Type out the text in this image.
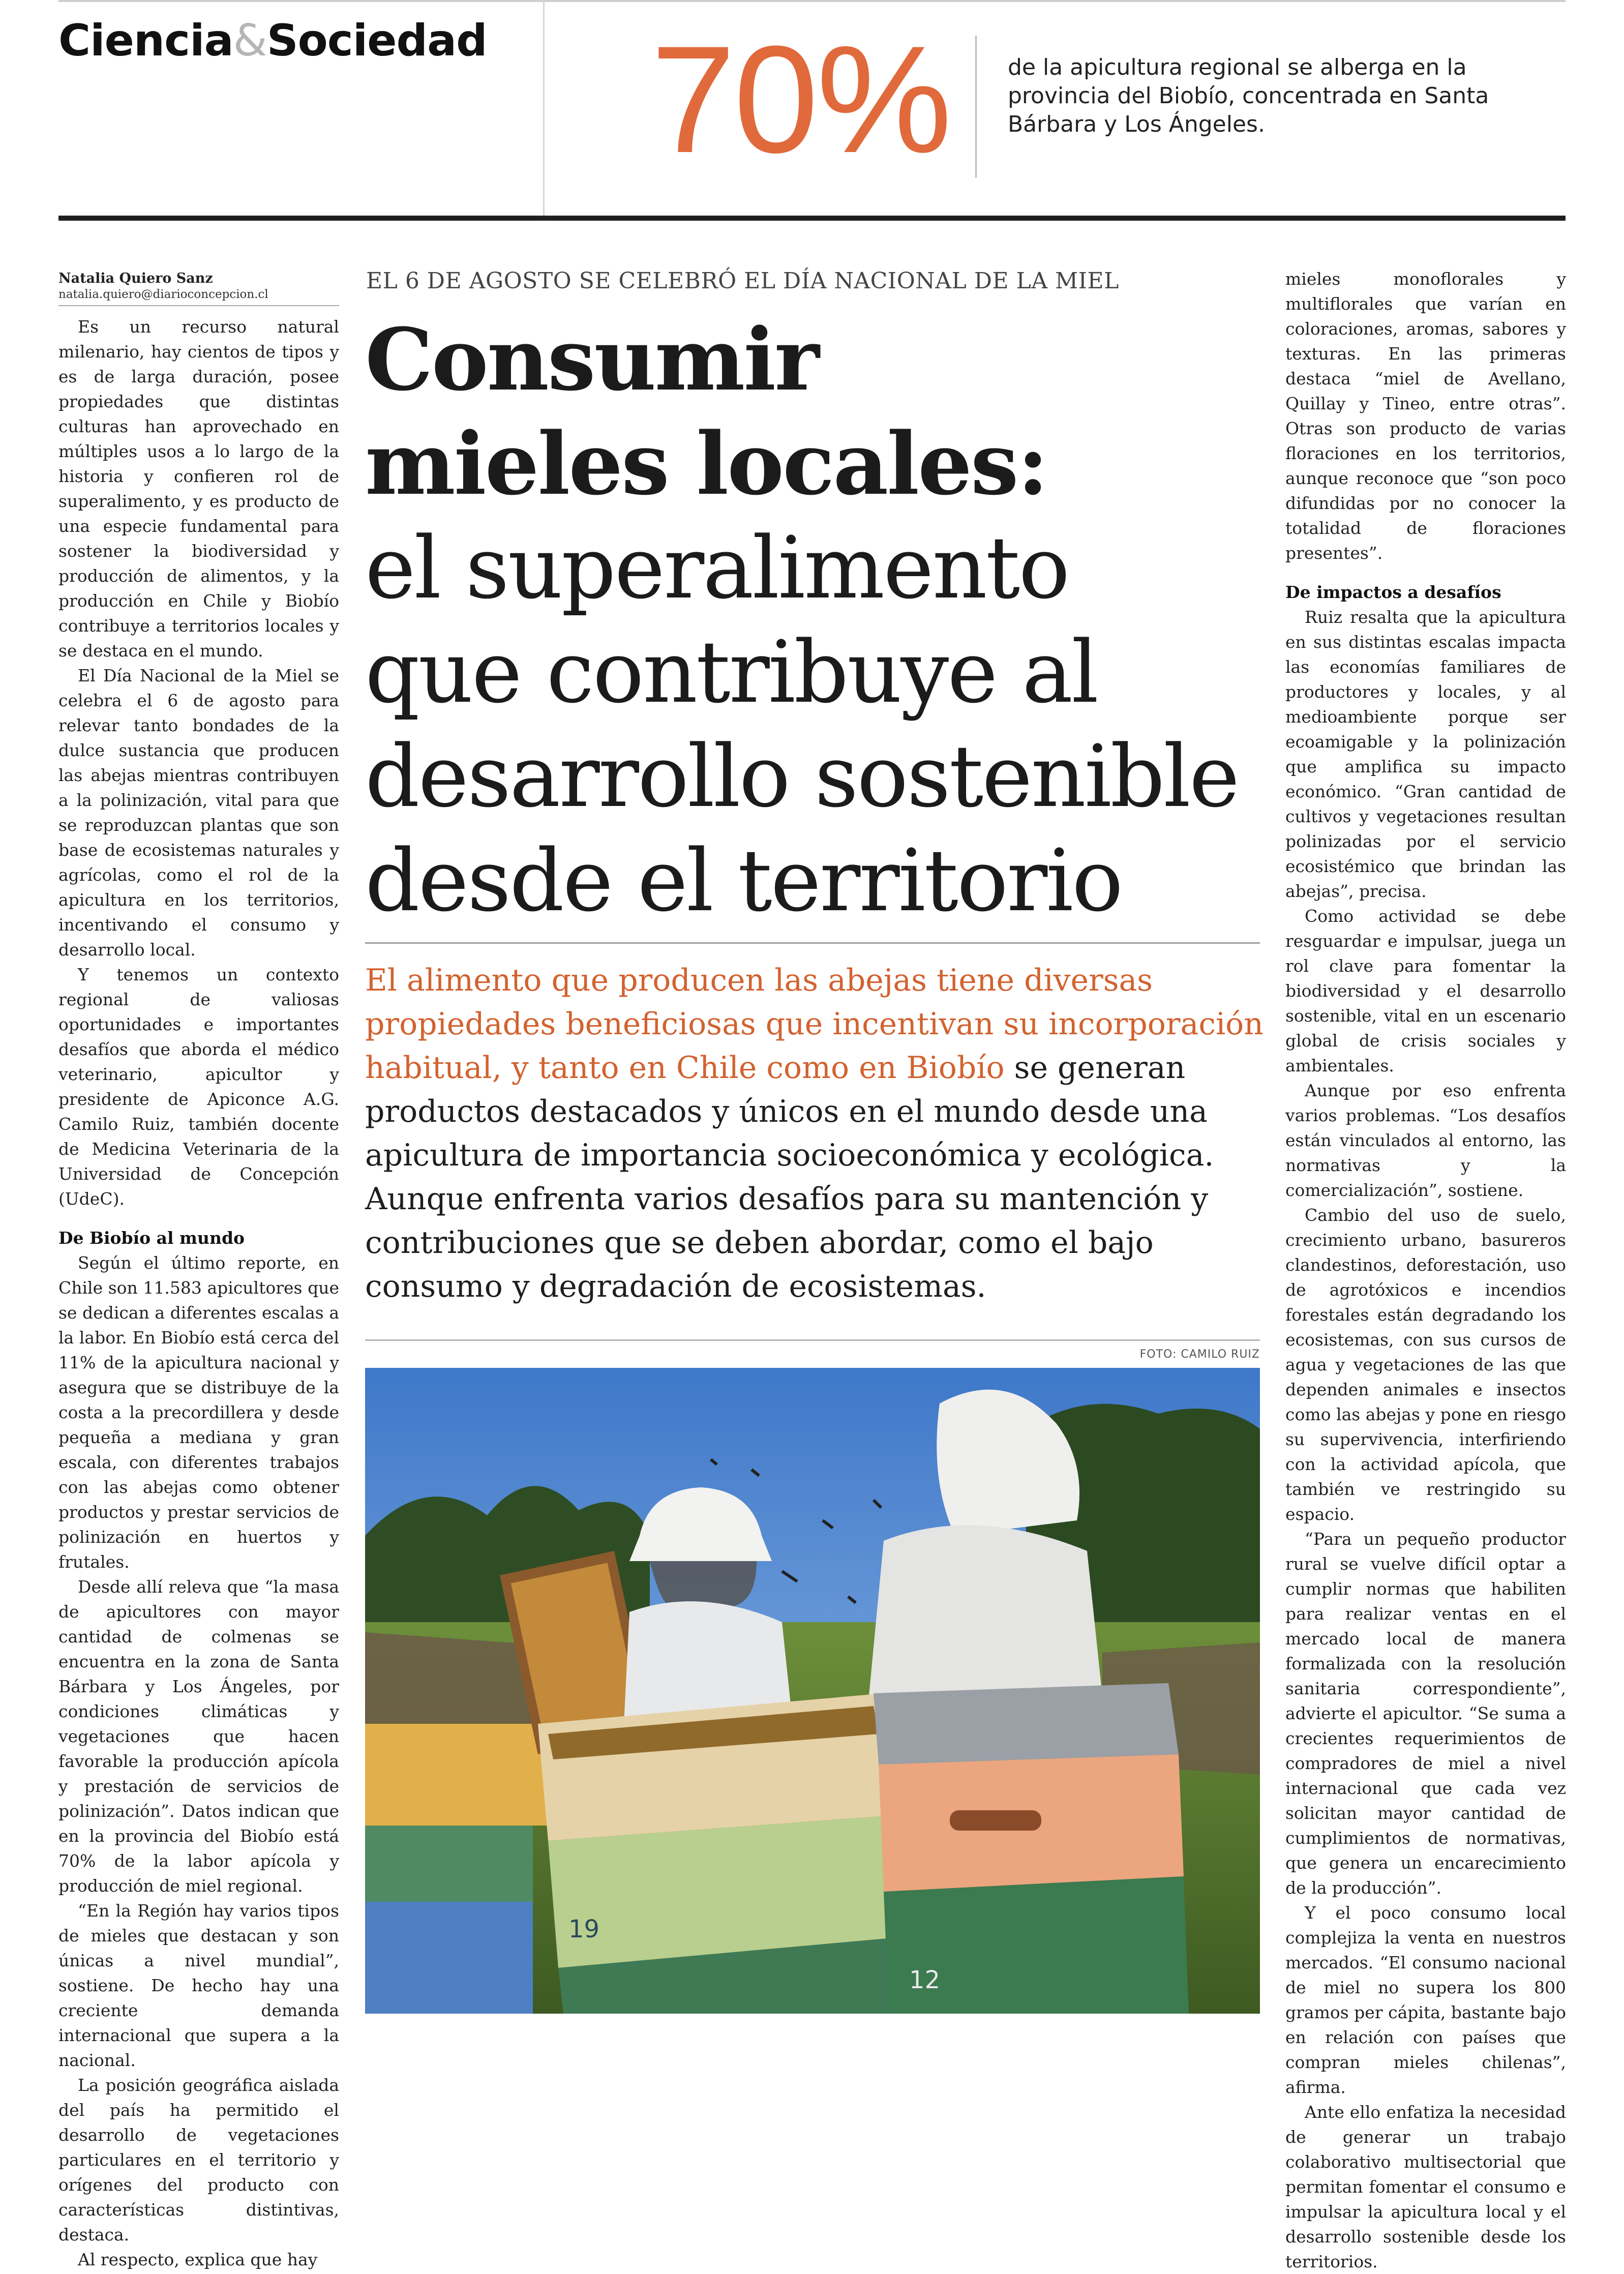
Ciencia&Sociedad 70%	de la apicultura regional se alberga en la provincia del Biobío, concentrada en Santa Bárbara y Los Ángeles.
Natalia Quiero Sanz
natalia.quiero@diarioconcepcion.cl

Es un recurso natural milenario, hay cientos de tipos y es de larga duración, posee propiedades que distintas culturas han aprovechado en múltiples usos a lo largo de la historia y confieren rol de superalimento, y es producto de una especie fundamental para sostener la biodiversidad y producción de alimentos, y la producción en Chile y Biobío contribuye a territorios locales y se destaca en el mundo.

El Día Nacional de la Miel se celebra el 6 de agosto para relevar tanto bondades de la dulce sustancia que producen las abejas mientras contribuyen a la polinización, vital para que se reproduzcan plantas que son base de ecosistemas naturales y agrícolas, como el rol de la apicultura en los territorios, incentivando el consumo y desarrollo local.

Y tenemos un contexto regional de valiosas oportunidades e importantes desafíos que aborda el médico veterinario, apicultor y presidente de Apiconce A.G. Camilo Ruiz, también docente de Medicina Veterinaria de la Universidad de Concepción (UdeC).

De Biobío al mundo

Según el último reporte, en Chile son 11.583 apicultores que se dedican a diferentes escalas a la labor. En Biobío está cerca del 11% de la apicultura nacional y asegura que se distribuye de la costa a la precordillera y desde pequeña a mediana y gran escala, con diferentes trabajos con las abejas como obtener productos y prestar servicios de polinización en huertos y frutales.

Desde allí releva que “la masa de apicultores con mayor cantidad de colmenas se encuentra en la zona de Santa Bárbara y Los Ángeles, por condiciones climáticas y vegetaciones que hacen favorable la producción apícola y prestación de servicios de polinización”. Datos indican que en la provincia del Biobío está 70% de la labor apícola y producción de miel regional.

“En la Región hay varios tipos de mieles que destacan y son únicas a nivel mundial”, sostiene. De hecho hay una creciente demanda internacional que supera a la nacional.

La posición geográfica aislada del país ha permitido el desarrollo de vegetaciones particulares en el territorio y orígenes del producto con características distintivas, destaca.

Al respecto, explica que hay

EL 6 DE AGOSTO SE CELEBRÓ EL DÍA NACIONAL DE LA MIEL
Consumir
mieles locales:
el superalimento
que contribuye al
desarrollo sostenible
desde el territorio
El alimento que producen las abejas tiene diversas propiedades beneficiosas que incentivan su incorporación habitual, y tanto en Chile como en Biobío se generan productos destacados y únicos en el mundo desde una apicultura de importancia socioeconómica y ecológica. Aunque enfrenta varios desafíos para su mantención y contribuciones que se deben abordar, como el bajo consumo y degradación de ecosistemas.
FOTO: CAMILO RUIZ
19
12

mieles monoflorales y multiflorales que varían en coloraciones, aromas, sabores y texturas. En las primeras destaca “miel de Avellano, Quillay y Tineo, entre otras”. Otras son producto de varias floraciones en los territorios, aunque reconoce que “son poco difundidas por no conocer la totalidad de floraciones presentes”.

De impactos a desafíos

Ruiz resalta que la apicultura en sus distintas escalas impacta las economías familiares de productores y locales, y al medioambiente porque ser ecoamigable y la polinización que amplifica su impacto económico. “Gran cantidad de cultivos y vegetaciones resultan polinizadas por el servicio ecosistémico que brindan las abejas”, precisa.

Como actividad se debe resguardar e impulsar, juega un rol clave para fomentar la biodiversidad y el desarrollo sostenible, vital en un escenario global de crisis sociales y ambientales.

Aunque por eso enfrenta varios problemas. “Los desafíos están vinculados al entorno, las normativas y la comercialización”, sostiene.

Cambio del uso de suelo, crecimiento urbano, basureros clandestinos, deforestación, uso de agrotóxicos e incendios forestales están degradando los ecosistemas, con sus cursos de agua y vegetaciones de las que dependen animales e insectos como las abejas y pone en riesgo su supervivencia, interfiriendo con la actividad apícola, que también ve restringido su espacio.

“Para un pequeño productor rural se vuelve difícil optar a cumplir normas que habiliten para realizar ventas en el mercado local de manera formalizada con la resolución sanitaria correspondiente”, advierte el apicultor. “Se suma a crecientes requerimientos de compradores de miel a nivel internacional que cada vez solicitan mayor cantidad de cumplimientos de normativas, que genera un encarecimiento de la producción”.

Y el poco consumo local complejiza la venta en nuestros mercados. “El consumo nacional de miel no supera los 800 gramos per cápita, bastante bajo en relación con países que compran mieles chilenas”, afirma.

Ante ello enfatiza la necesidad de generar un trabajo colaborativo multisectorial que permitan fomentar el consumo e impulsar la apicultura local y el desarrollo sostenible desde los territorios.
